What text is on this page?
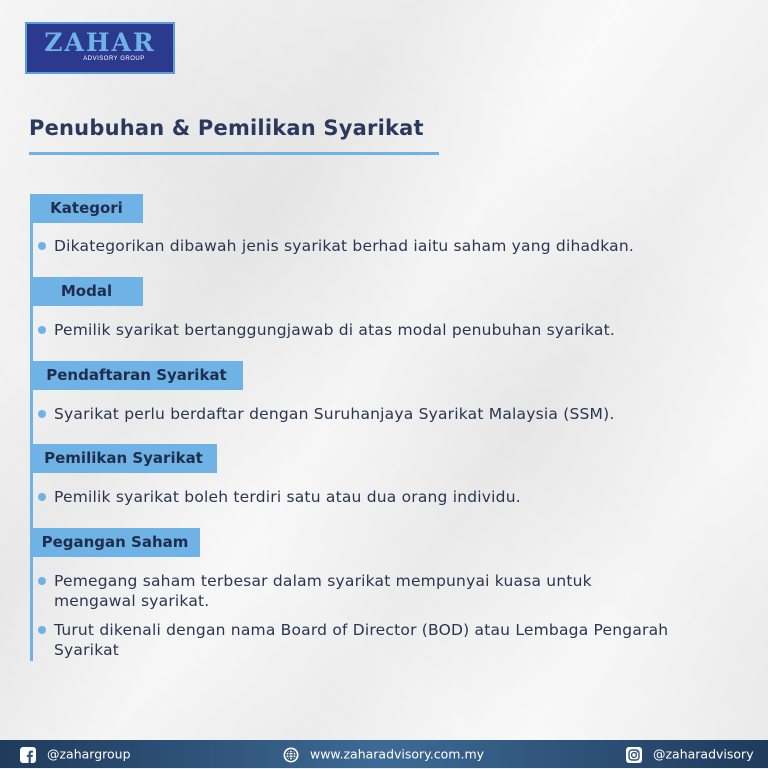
ZAHAR
ADVISORY GROUP
Penubuhan & Pemilikan Syarikat
Kategori
Dikategorikan dibawah jenis syarikat berhad iaitu saham yang dihadkan.
Modal
Pemilik syarikat bertanggungjawab di atas modal penubuhan syarikat.
Pendaftaran Syarikat
Syarikat perlu berdaftar dengan Suruhanjaya Syarikat Malaysia (SSM).
Pemilikan Syarikat
Pemilik syarikat boleh terdiri satu atau dua orang individu.
Pegangan Saham
Pemegang saham terbesar dalam syarikat mempunyai kuasa untuk mengawal syarikat.
Turut dikenali dengan nama Board of Director (BOD) atau Lembaga Pengarah Syarikat
@zahargroup	www.zaharadvisory.com.my	@zaharadvisory
